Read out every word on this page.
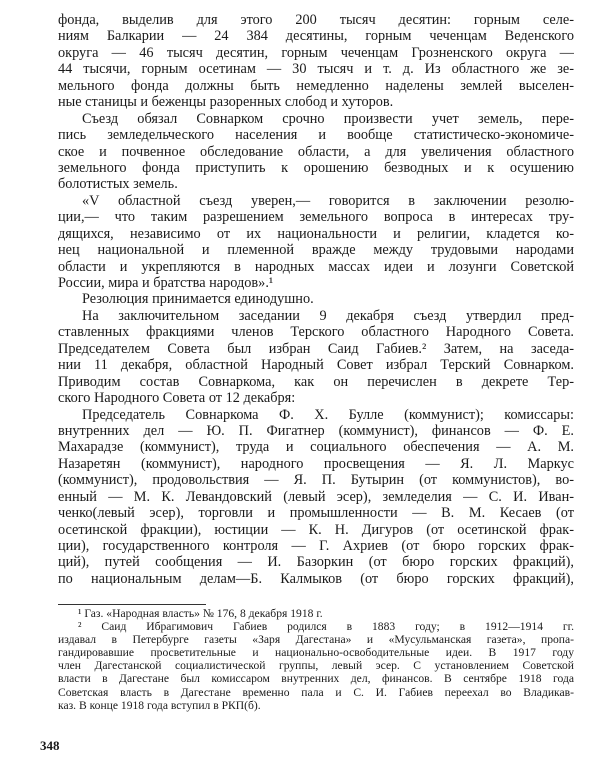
фонда, выделив для этого 200 тысяч десятин: горным селе-
ниям Балкарии — 24 384 десятины, горным чеченцам Веденского
округа — 46 тысяч десятин, горным чеченцам Грозненского округа —
44 тысячи, горным осетинам — 30 тысяч и т. д. Из областного же зе-
мельного фонда должны быть немедленно наделены землей выселен-
ные станицы и беженцы разоренных слобод и хуторов.
Съезд обязал Совнарком срочно произвести учет земель, пере-
пись земледельческого населения и вообще статистическо-экономиче-
ское и почвенное обследование области, а для увеличения областного
земельного фонда приступить к орошению безводных и к осушению
болотистых земель.
«V областной съезд уверен,— говорится в заключении резолю-
ции,— что таким разрешением земельного вопроса в интересах тру-
дящихся, независимо от их национальности и религии, кладется ко-
нец национальной и племенной вражде между трудовыми народами
области и укрепляются в народных массах идеи и лозунги Советской
России, мира и братства народов».¹
Резолюция принимается единодушно.
На заключительном заседании 9 декабря съезд утвердил пред-
ставленных фракциями членов Терского областного Народного Совета.
Председателем Совета был избран Саид Габиев.² Затем, на заседа-
нии 11 декабря, областной Народный Совет избрал Терский Совнарком.
Приводим состав Совнаркома, как он перечислен в декрете Тер-
ского Народного Совета от 12 декабря:
Председатель Совнаркома Ф. Х. Булле (коммунист); комиссары:
внутренних дел — Ю. П. Фигатнер (коммунист), финансов — Ф. Е.
Махарадзе (коммунист), труда и социального обеспечения — А. М.
Назаретян (коммунист), народного просвещения — Я. Л. Маркус
(коммунист), продовольствия — Я. П. Бутырин (от коммунистов), во-
енный — М. К. Левандовский (левый эсер), земледелия — С. И. Иван-
ченко(левый эсер), торговли и промышленности — В. М. Кесаев (от
осетинской фракции), юстиции — К. Н. Дигуров (от осетинской фрак-
ции), государственного контроля — Г. Ахриев (от бюро горских фрак-
ций), путей сообщения — И. Базоркин (от бюро горских фракций),
по национальным делам—Б. Калмыков (от бюро горских фракций),
¹ Газ. «Народная власть» № 176, 8 декабря 1918 г.
² Саид Ибрагимович Габиев родился в 1883 году; в 1912—1914 гг.
издавал в Петербурге газеты «Заря Дагестана» и «Мусульманская газета», пропа-
гандировавшие просветительные и национально-освободительные идеи. В 1917 году
член Дагестанской социалистической группы, левый эсер. С установлением Советской
власти в Дагестане был комиссаром внутренних дел, финансов. В сентябре 1918 года
Советская власть в Дагестане временно пала и С. И. Габиев переехал во Владикав-
каз. В конце 1918 года вступил в РКП(б).
348
